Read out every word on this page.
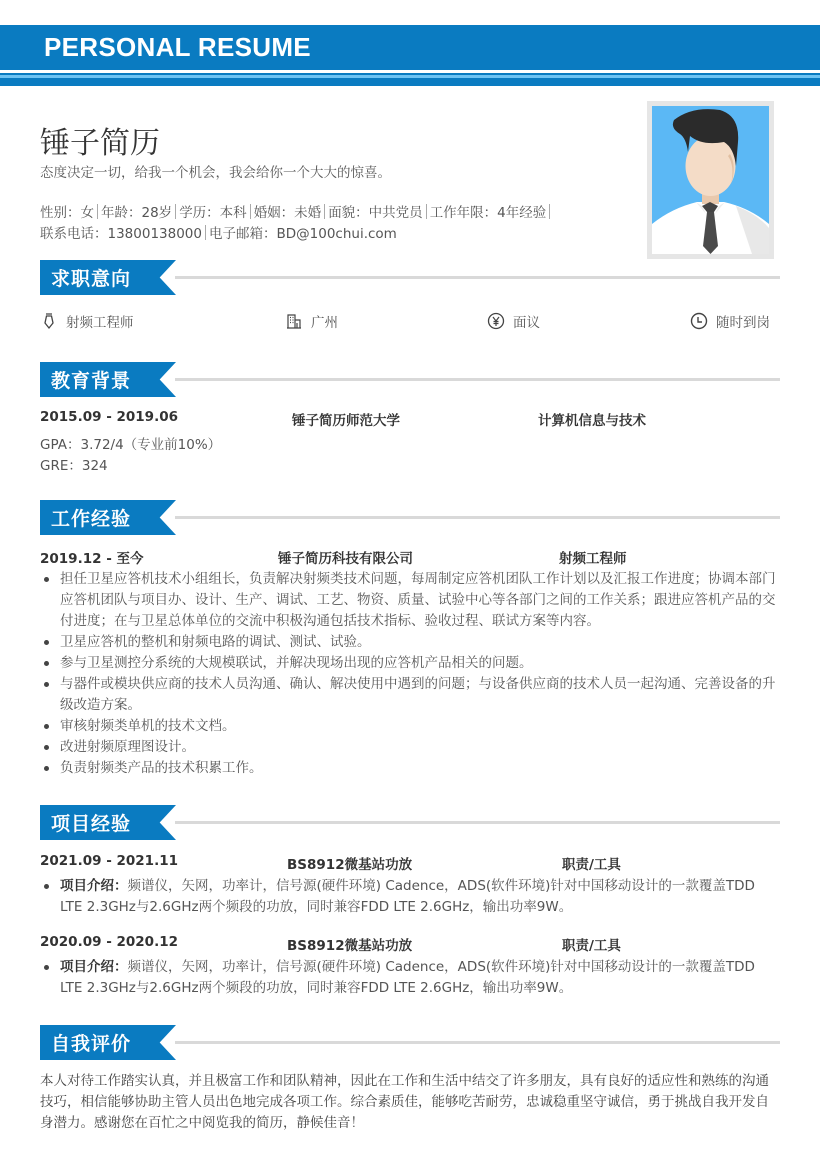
PERSONAL RESUME
锤子简历
态度决定一切，给我一个机会，我会给你一个大大的惊喜。
性别：女 年龄：28岁 学历：本科 婚姻：未婚 面貌：中共党员 工作年限：4年经验
联系电话：13800138000 电子邮箱：BD@100chui.com
求职意向
射频工程师	广州	面议	随时到岗
教育背景
2015.09 - 2019.06	锤子简历师范大学	计算机信息与技术
GPA：3.72/4（专业前10%）
GRE：324
工作经验
2019.12 - 至今	锤子简历科技有限公司	射频工程师
担任卫星应答机技术小组组长，负责解决射频类技术问题，每周制定应答机团队工作计划以及汇报工作进度；协调本部门应答机团队与项目办、设计、生产、调试、工艺、物资、质量、试验中心等各部门之间的工作关系；跟进应答机产品的交付进度；在与卫星总体单位的交流中积极沟通包括技术指标、验收过程、联试方案等内容。
卫星应答机的整机和射频电路的调试、测试、试验。
参与卫星测控分系统的大规模联试，并解决现场出现的应答机产品相关的问题。
与器件或模块供应商的技术人员沟通、确认、解决使用中遇到的问题；与设备供应商的技术人员一起沟通、完善设备的升级改造方案。
审核射频类单机的技术文档。
改进射频原理图设计。
负责射频类产品的技术积累工作。
项目经验
2021.09 - 2021.11	BS8912微基站功放	职责/工具
项目介绍：频谱仪，矢网，功率计，信号源(硬件环境) Cadence，ADS(软件环境)针对中国移动设计的一款覆盖TDD LTE 2.3GHz与2.6GHz两个频段的功放，同时兼容FDD LTE 2.6GHz，输出功率9W。
2020.09 - 2020.12	BS8912微基站功放	职责/工具
项目介绍：频谱仪，矢网，功率计，信号源(硬件环境) Cadence，ADS(软件环境)针对中国移动设计的一款覆盖TDD LTE 2.3GHz与2.6GHz两个频段的功放，同时兼容FDD LTE 2.6GHz，输出功率9W。
自我评价
本人对待工作踏实认真，并且极富工作和团队精神，因此在工作和生活中结交了许多朋友，具有良好的适应性和熟练的沟通技巧，相信能够协助主管人员出色地完成各项工作。综合素质佳，能够吃苦耐劳，忠诚稳重坚守诚信，勇于挑战自我开发自身潜力。感谢您在百忙之中阅览我的简历，静候佳音！
